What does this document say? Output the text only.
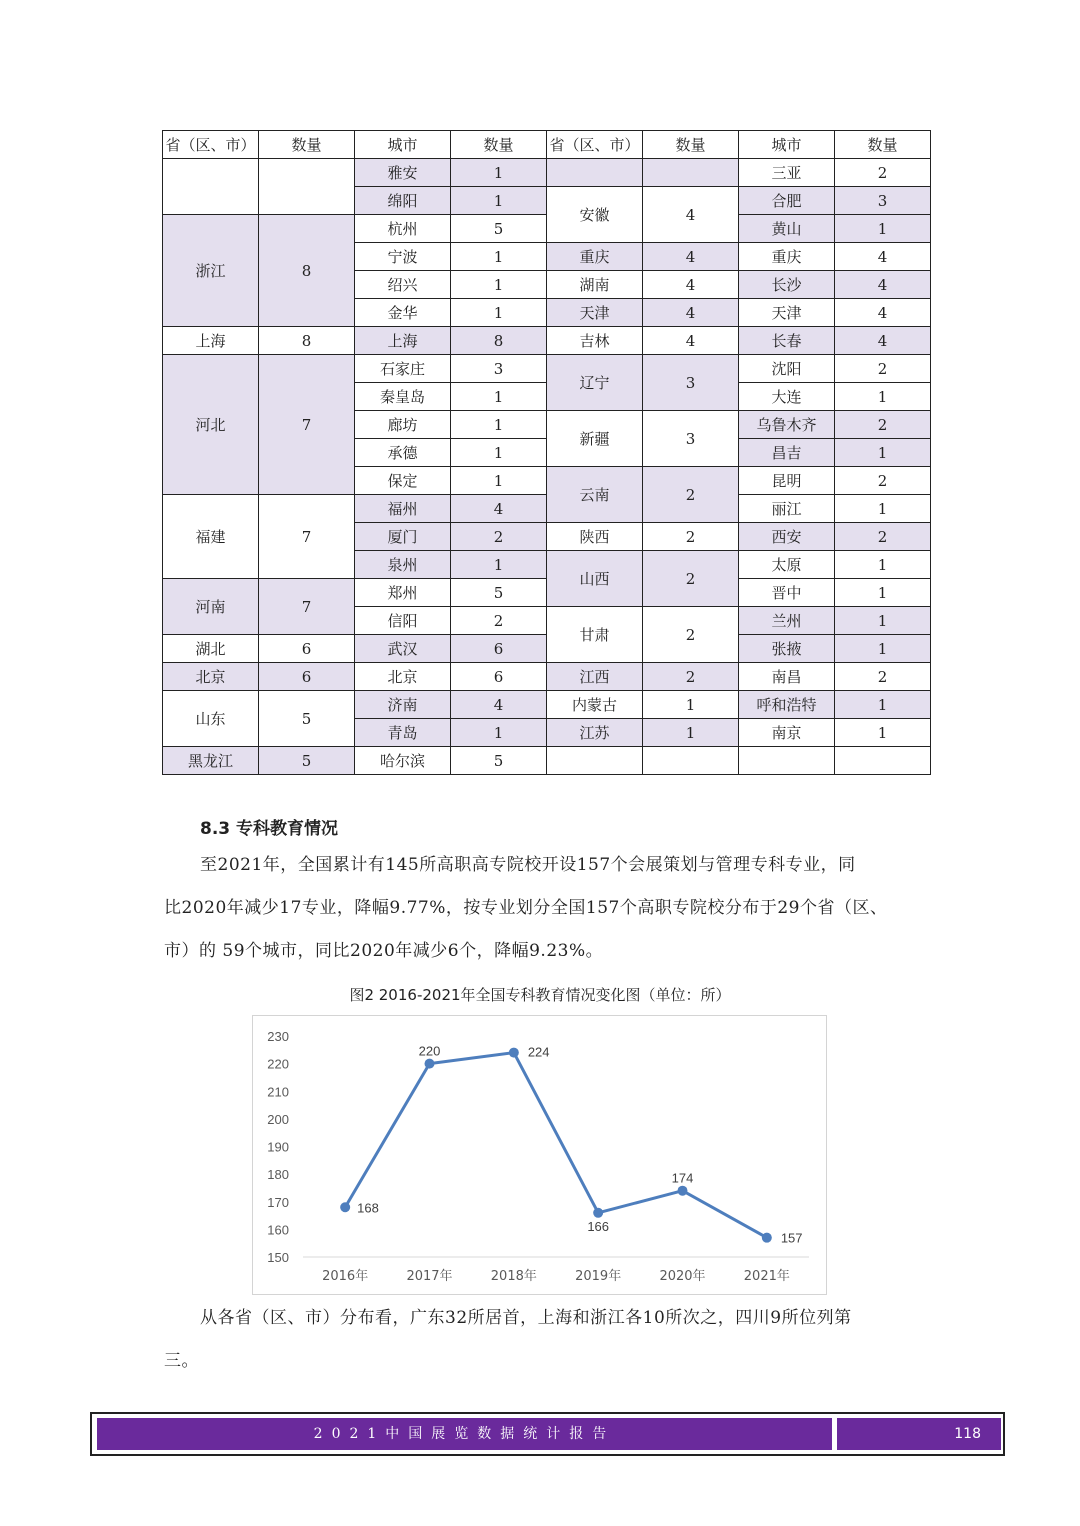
省（区、市）	数量	城市	数量	省（区、市）	数量	城市	数量
		雅安	1			三亚	2
		绵阳	1	安徽	4	合肥	3
浙江	8	杭州	5			黄山	1
		宁波	1	重庆	4	重庆	4
		绍兴	1	湖南	4	长沙	4
		金华	1	天津	4	天津	4
上海	8	上海	8	吉林	4	长春	4
河北	7	石家庄	3	辽宁	3	沈阳	2
		秦皇岛	1			大连	1
		廊坊	1	新疆	3	乌鲁木齐	2
		承德	1			昌吉	1
		保定	1	云南	2	昆明	2
福建	7	福州	4			丽江	1
		厦门	2	陕西	2	西安	2
		泉州	1	山西	2	太原	1
河南	7	郑州	5			晋中	1
		信阳	2	甘肃	2	兰州	1
湖北	6	武汉	6			张掖	1
北京	6	北京	6	江西	2	南昌	2
山东	5	济南	4	内蒙古	1	呼和浩特	1
		青岛	1	江苏	1	南京	1
黑龙江	5	哈尔滨	5				
8.3 专科教育情况
至2021年，全国累计有145所高职高专院校开设157个会展策划与管理专科专业，同
比2020年减少17专业，降幅9.77%，按专业划分全国157个高职专院校分布于29个省（区、
市）的 59个城市，同比2020年减少6个，降幅9.23%。
图2 2016-2021年全国专科教育情况变化图（单位：所）
150
160
170
180
190
200
210
220
230
2016年	2017年	2018年	2019年	2020年	2021年
168
220	224
166
174
157
从各省（区、市）分布看，广东32所居首，上海和浙江各10所次之，四川9所位列第
三。
2021中国展览数据统计报告	118
